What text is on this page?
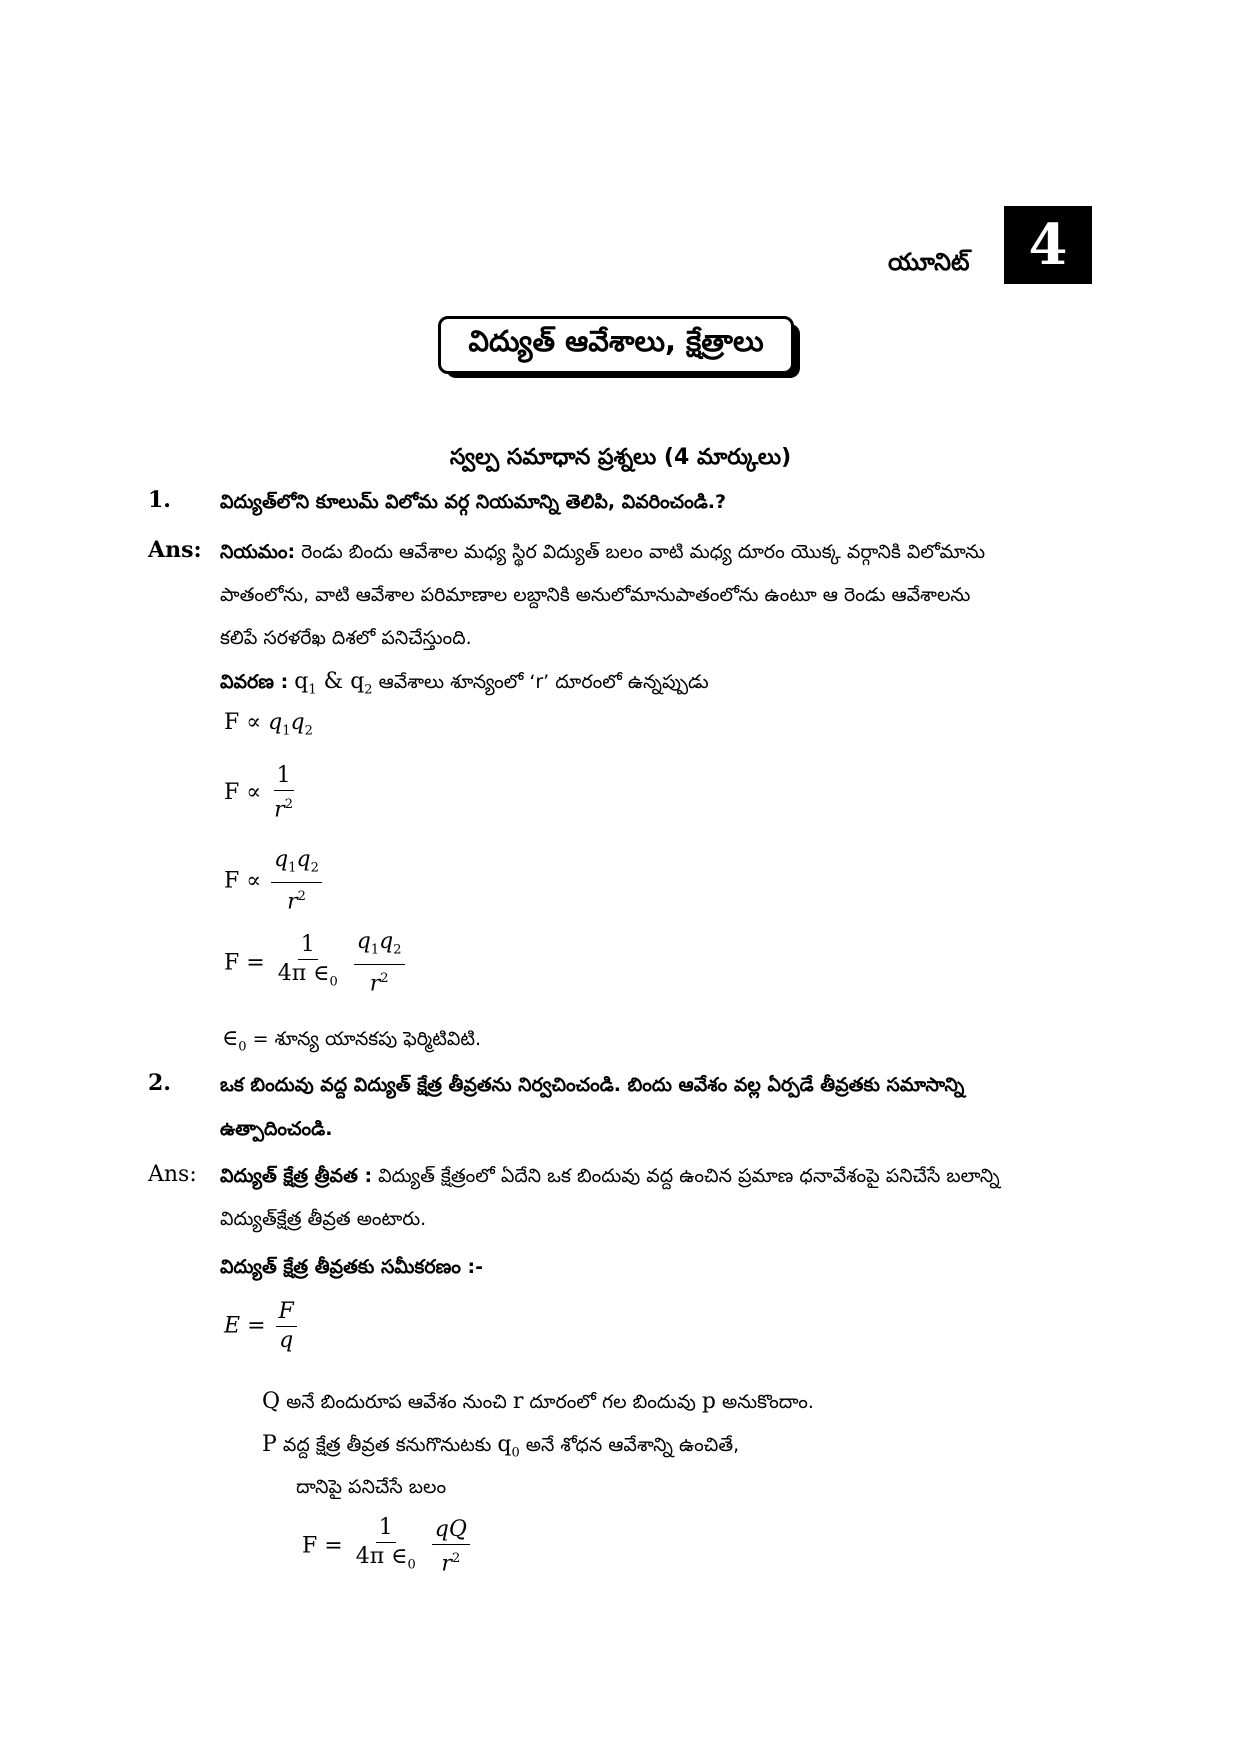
యూనిట్	4
విద్యుత్ ఆవేశాలు, క్షేత్రాలు
స్వల్ప సమాధాన ప్రశ్నలు (4 మార్కులు)
1.	విద్యుత్‌లోని కూలుమ్ విలోమ వర్గ నియమాన్ని తెలిపి, వివరించండి.?
Ans: నియమం: రెండు బిందు ఆవేశాల మధ్య స్థిర విద్యుత్ బలం వాటి మధ్య దూరం యొక్క వర్గానికి విలోమాను
పాతంలోను, వాటి ఆవేశాల పరిమాణాల లబ్దానికి అనులోమానుపాతంలోను ఉంటూ ఆ రెండు ఆవేశాలను
కలిపే సరళరేఖ దిశలో పనిచేస్తుంది.
వివరణ : $q_1$ & $q_2$ ఆవేశాలు శూన్యంలో ‘r’ దూరంలో ఉన్నప్పుడు
$F \propto q_1q_2$
$F \propto \frac{1}{r^2}$
$F \propto \frac{q_1q_2}{r^2}$
$F = \frac{1}{4\pi \in_0}$
$\frac{q_1q_2}{r^2}$
$\in_0$ = శూన్య యానకపు ఫెర్మిటివిటి.
2.	ఒక బిందువు వద్ద విద్యుత్ క్షేత్ర తీవ్రతను నిర్వచించండి. బిందు ఆవేశం వల్ల ఏర్పడే తీవ్రతకు సమాసాన్ని
ఉత్పాదించండి.
Ans: విద్యుత్ క్షేత్ర త్రీవత : విద్యుత్ క్షేత్రంలో ఏదేని ఒక బిందువు వద్ద ఉంచిన ప్రమాణ ధనావేశంపై పనిచేసే బలాన్ని
విద్యుత్‌క్షేత్ర తీవ్రత అంటారు.
విద్యుత్ క్షేత్ర తీవ్రతకు సమీకరణం :-
$E = \frac{F}{q}$
Q అనే బిందురూప ఆవేశం నుంచి r దూరంలో గల బిందువు p అనుకొందాం.
P వద్ద క్షేత్ర తీవ్రత కనుగొనుటకు $q_0$ అనే శోధన ఆవేశాన్ని ఉంచితే,
దానిపై పనిచేసే బలం
$F = \frac{1}{4\pi \in_0}$
$\frac{qQ}{r^2}$
